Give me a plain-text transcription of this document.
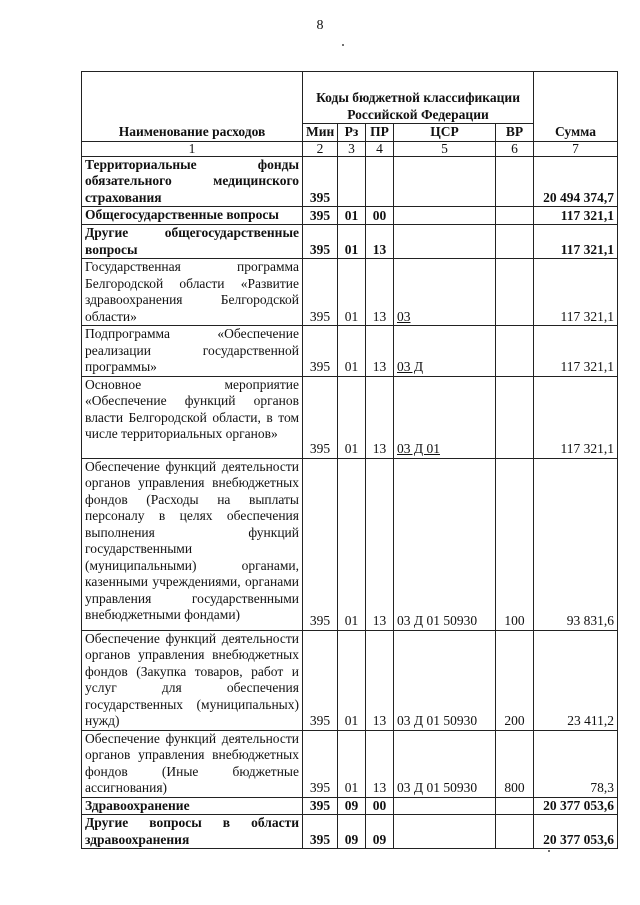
8
Наименование расходов	Коды бюджетной классификации Российской Федерации					Сумма
	Мин	Рз	ПР	ЦСР	ВР	
1	2	3	4	5	6	7
Территориальные фонды обязательного медицинского страхования	395					20 494 374,7
Общегосударственные вопросы	395	01	00			117 321,1
Другие общегосударственные вопросы	395	01	13			117 321,1
Государственная программа Белгородской области «Развитие здравоохранения Белгородской области»	395	01	13	03		117 321,1
Подпрограмма «Обеспечение реализации государственной программы»	395	01	13	03 Д		117 321,1
Основное мероприятие «Обеспечение функций органов власти Белгородской области, в том числе территориальных органов»	395	01	13	03 Д 01		117 321,1
Обеспечение функций деятельности органов управления внебюджетных фондов (Расходы на выплаты персоналу в целях обеспечения выполнения функций государственными (муниципальными) органами, казенными учреждениями, органами управления государственными внебюджетными фондами)	395	01	13	03 Д 01 50930	100	93 831,6
Обеспечение функций деятельности органов управления внебюджетных фондов (Закупка товаров, работ и услуг для обеспечения государственных (муниципальных) нужд)	395	01	13	03 Д 01 50930	200	23 411,2
Обеспечение функций деятельности органов управления внебюджетных фондов (Иные бюджетные ассигнования)	395	01	13	03 Д 01 50930	800	78,3
Здравоохранение	395	09	00			20 377 053,6
Другие вопросы в области здравоохранения	395	09	09			20 377 053,6
